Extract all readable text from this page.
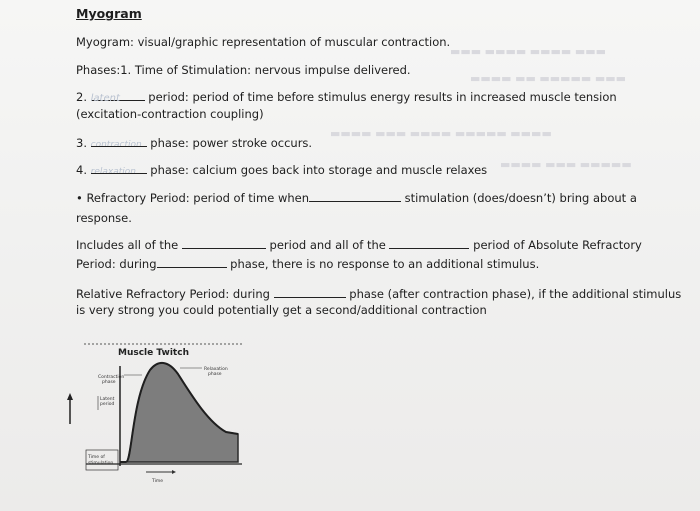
▬▬▬ ▬▬▬▬ ▬▬▬▬ ▬▬▬
▬▬▬▬ ▬▬ ▬▬▬▬▬ ▬▬▬
▬▬▬▬ ▬▬▬ ▬▬▬▬ ▬▬▬▬▬ ▬▬▬▬
▬▬▬▬ ▬▬▬ ▬▬▬▬▬
Myogram
Myogram: visual/graphic representation of muscular contraction.
Phases:1. Time of Stimulation: nervous impulse delivered.
2. latent period: period of time before stimulus energy results in increased muscle tension
(excitation-contraction coupling)
3. contraction phase: power stroke occurs.
4. relaxation phase: calcium goes back into storage and muscle relaxes
• Refractory Period: period of time when	stimulation (does/doesn’t) bring about a
response.
Includes all of the	period and all of the	period of Absolute Refractory
Period: during	phase, there is no response to an additional stimulus.
Relative Refractory Period: during	phase (after contraction phase), if the additional stimulus
is very strong you could potentially get a second/additional contraction
Muscle Twitch
Contraction
phase
Relaxation
phase
Latent
period
Time of
stimulation
Time
